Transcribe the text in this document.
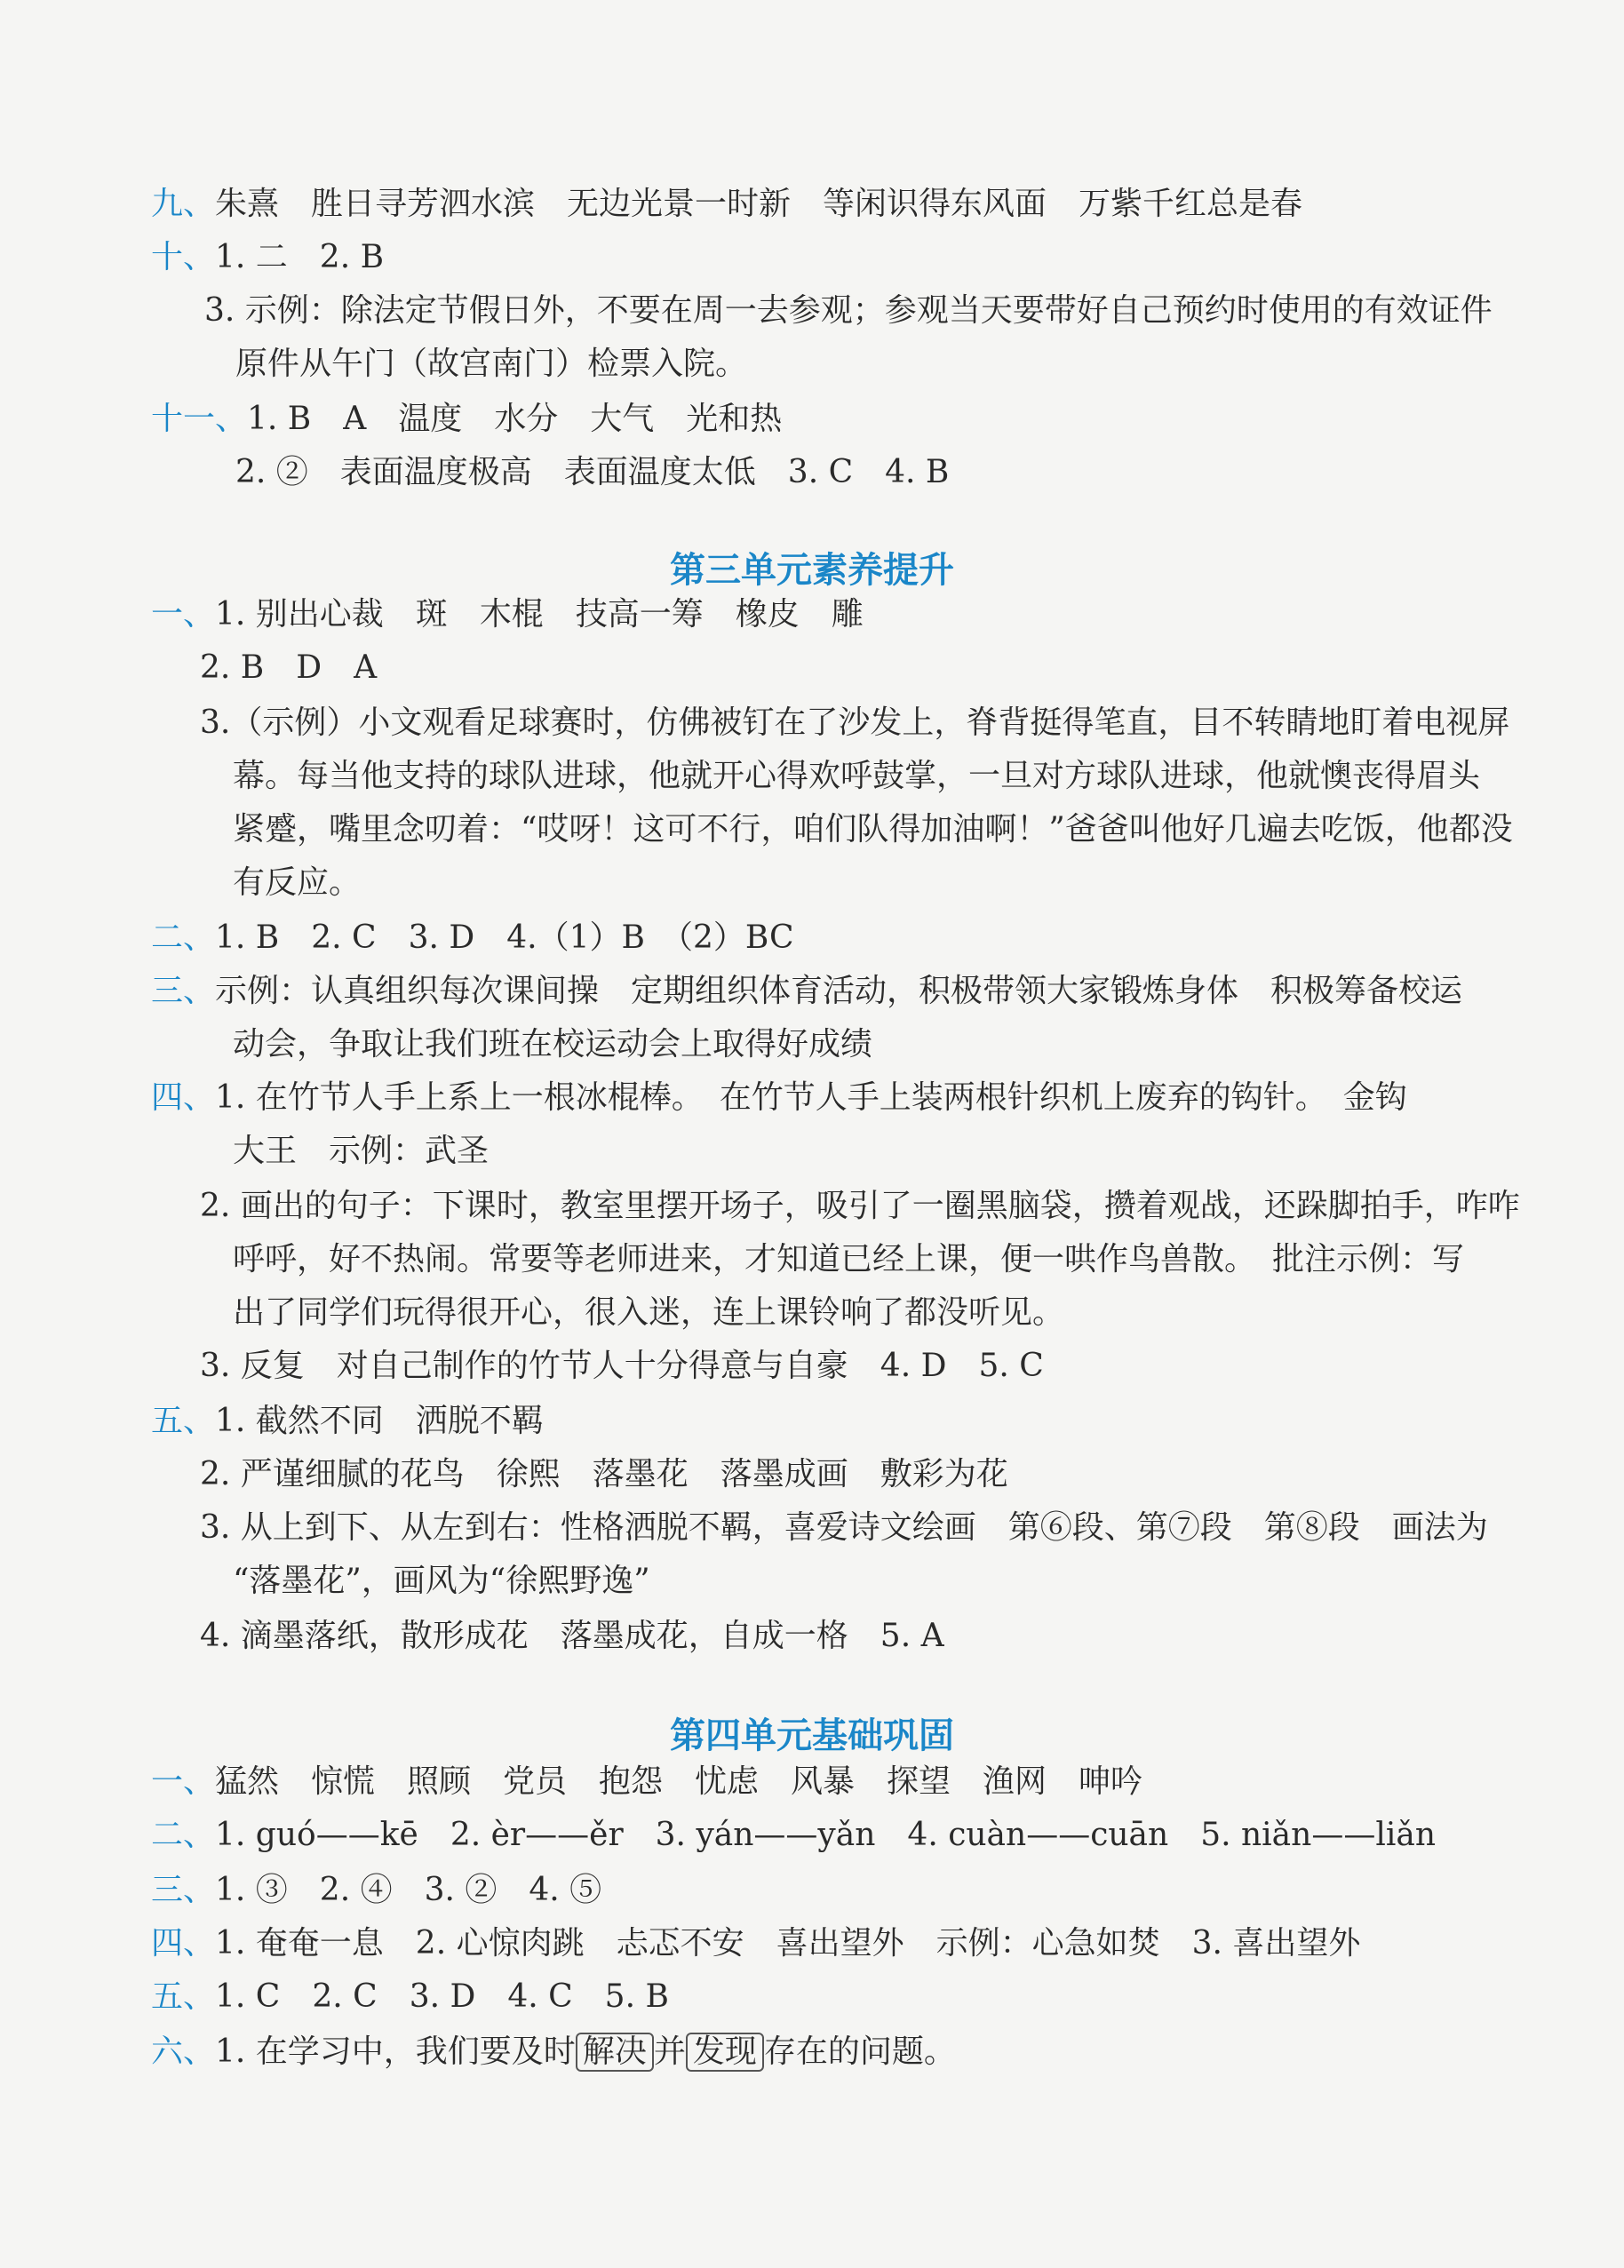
九、朱熹　胜日寻芳泗水滨　无边光景一时新　等闲识得东风面　万紫千红总是春
十、1. 二　2. B
3. 示例：除法定节假日外，不要在周一去参观；参观当天要带好自己预约时使用的有效证件
原件从午门（故宫南门）检票入院。
十一、1. B　A　温度　水分　大气　光和热
2. ②　表面温度极高　表面温度太低　3. C　4. B
第三单元素养提升
一、1. 别出心裁　斑　木棍　技高一筹　橡皮　雕
2. B　D　A
3.（示例）小文观看足球赛时，仿佛被钉在了沙发上，脊背挺得笔直，目不转睛地盯着电视屏
幕。每当他支持的球队进球，他就开心得欢呼鼓掌，一旦对方球队进球，他就懊丧得眉头
紧蹙，嘴里念叨着：“哎呀！这可不行，咱们队得加油啊！”爸爸叫他好几遍去吃饭，他都没
有反应。
二、1. B　2. C　3. D　4.（1）B　（2）BC
三、示例：认真组织每次课间操　定期组织体育活动，积极带领大家锻炼身体　积极筹备校运
动会，争取让我们班在校运动会上取得好成绩
四、1. 在竹节人手上系上一根冰棍棒。　在竹节人手上装两根针织机上废弃的钩针。　金钩
大王　示例：武圣
2. 画出的句子：下课时，教室里摆开场子，吸引了一圈黑脑袋，攒着观战，还跺脚拍手，咋咋
呼呼，好不热闹。常要等老师进来，才知道已经上课，便一哄作鸟兽散。　批注示例：写
出了同学们玩得很开心，很入迷，连上课铃响了都没听见。
3. 反复　对自己制作的竹节人十分得意与自豪　4. D　5. C
五、1. 截然不同　洒脱不羁
2. 严谨细腻的花鸟　徐熙　落墨花　落墨成画　敷彩为花
3. 从上到下、从左到右：性格洒脱不羁，喜爱诗文绘画　第⑥段、第⑦段　第⑧段　画法为
“落墨花”，画风为“徐熙野逸”
4. 滴墨落纸，散形成花　落墨成花，自成一格　5. A
第四单元基础巩固
一、猛然　惊慌　照顾　党员　抱怨　忧虑　风暴　探望　渔网　呻吟
二、1. guó——kē　2. èr——ěr　3. yán——yǎn　4. cuàn——cuān　5. niǎn——liǎn
三、1. ③　2. ④　3. ②　4. ⑤
四、1. 奄奄一息　2. 心惊肉跳　忐忑不安　喜出望外　示例：心急如焚　3. 喜出望外
五、1. C　2. C　3. D　4. C　5. B
六、1. 在学习中，我们要及时 解决 并 发现 存在的问题。
